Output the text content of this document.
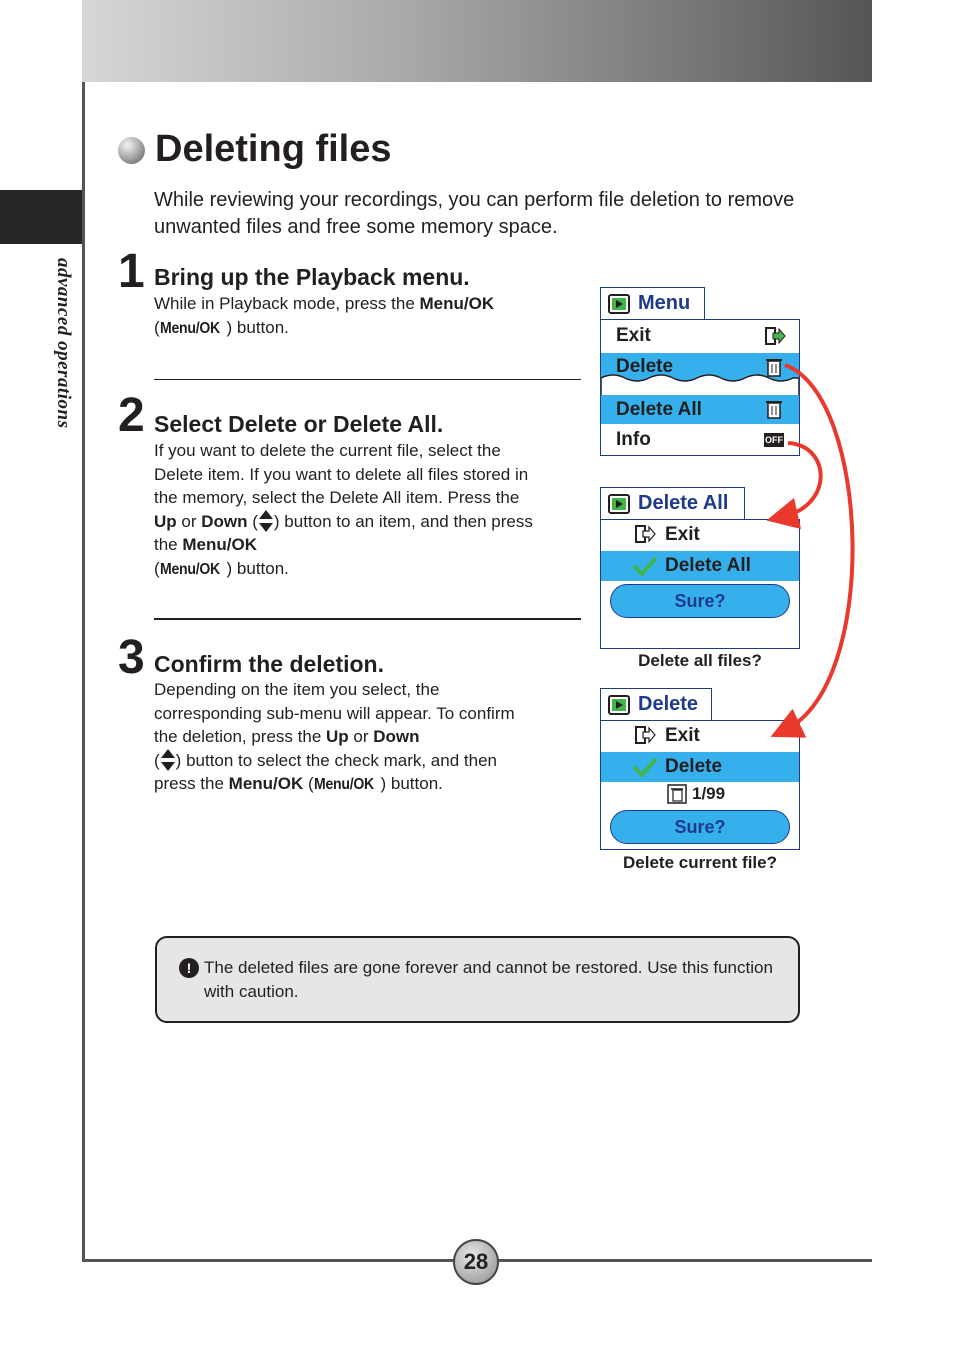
advanced operations
28
Deleting files
While reviewing your recordings, you can perform file deletion to remove unwanted files and free some memory space.
1 Bring up the Playback menu.
While in Playback mode, press the Menu/OK
(Menu/OK ) button.
2 Select Delete or Delete All.
If you want to delete the current file, select the Delete item. If you want to delete all files stored in the memory, select the Delete All item. Press the Up or Down ( ) button to an item, and then press the Menu/OK
(Menu/OK ) button.
3 Confirm the deletion.
Depending on the item you select, the corresponding sub-menu will appear. To confirm the deletion, press the Up or Down
( ) button to select the check mark, and then press the Menu/OK (Menu/OK ) button.
Menu
Exit
Delete
Delete All
Info	OFF
Delete All
Exit
Delete All
Sure?
Delete all files?
Delete
Exit
Delete
1/99
Sure?
Delete current file?
! The deleted files are gone forever and cannot be restored. Use this function with caution.
